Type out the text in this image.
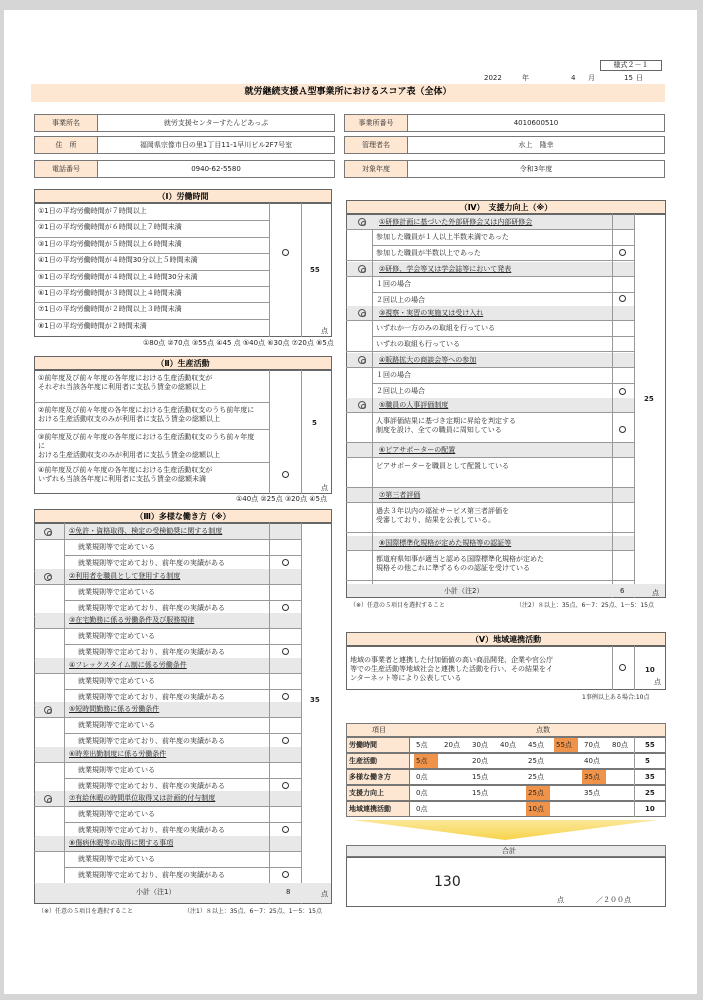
様式２－１
2022	年	4 月	15 日
就労継続支援Ａ型事業所におけるスコア表（全体）
事業所名	就労支援センターすたんどあっぷ
住　所	福岡県宗像市日の里1丁目11-1早川ビル2F7号室
電話番号	0940-62-5580
事業所番号	4010600510
管理者名	水上　隆幸
対象年度	令和3年度
（Ⅰ）労働時間
①1日の平均労働時間が７時間以上
②1日の平均労働時間が６時間以上７時間未満
③1日の平均労働時間が５時間以上６時間未満
④1日の平均労働時間が４時間30分以上５時間未満
⑤1日の平均労働時間が４時間以上４時間30分未満
⑥1日の平均労働時間が３時間以上４時間未満
⑦1日の平均労働時間が２時間以上３時間未満
⑧1日の平均労働時間が２時間未満
55
点
①80点 ②70点 ③55点 ④45 点 ⑤40点 ⑥30点 ⑦20点 ⑧5点
（Ⅱ）生産活動
①前年度及び前々年度の各年度における生産活動収支が
それぞれ当該各年度に利用者に支払う賃金の総額以上
②前年度及び前々年度の各年度における生産活動収支のうち前年度に
おける生産活動収支のみが利用者に支払う賃金の総額以上
③前年度及び前々年度の各年度における生産活動収支のうち前々年度
に
おける生産活動収支のみが利用者に支払う賃金の総額以上
④前年度及び前々年度の各年度における生産活動収支が
いずれも当該各年度に利用者に支払う賃金の総額未満
5
点
①40点 ②25点 ③20点 ④5点
（Ⅲ）多様な働き方（※）
①免許・資格取得、検定の受検勧奨に関する制度
就業規則等で定めている
就業規則等で定めており、前年度の実績がある
②利用者を職員として登用する制度
就業規則等で定めている
就業規則等で定めており、前年度の実績がある
③在宅勤務に係る労働条件及び服務規律
就業規則等で定めている
就業規則等で定めており、前年度の実績がある
④フレックスタイム制に係る労働条件
就業規則等で定めている
就業規則等で定めており、前年度の実績がある
⑤短時間勤務に係る労働条件
就業規則等で定めている
就業規則等で定めており、前年度の実績がある
⑥時差出勤制度に係る労働条件
就業規則等で定めている
就業規則等で定めており、前年度の実績がある
⑦有給休暇の時間単位取得又は計画的付与制度
就業規則等で定めている
就業規則等で定めており、前年度の実績がある
⑧傷病休暇等の取得に関する事項
就業規則等で定めている
就業規則等で定めており、前年度の実績がある
小計（注1）	8
35
点
（※）任意の５項目を選択すること	（注1）８以上：35点、6～7：25点、1～5：15点
（Ⅳ）　支援力向上（※）
①研修計画に基づいた外部研修会又は内部研修会
参加した職員が１人以上半数未満であった
参加した職員が半数以上であった
②研修、学会等又は学会誌等において発表
１回の場合
２回以上の場合
③視察・実習の実施又は受け入れ
いずれか一方のみの取組を行っている
いずれの取組も行っている
④販路拡大の商談会等への参加
１回の場合
２回以上の場合
⑤職員の人事評価制度
人事評価結果に基づき定期に昇給を判定する
制度を設け、全ての職員に周知している
⑥ピアサポーターの配置
ピアサポーターを職員として配置している
⑦第三者評価
過去３年以内の福祉サービス第三者評価を
受審しており、結果を公表している。
⑧国際標準化規格が定めた規格等の認証等
都道府県知事が適当と認める国際標準化規格が定めた
規格その他これに準ずるものの認証を受けている
小計（注2）	6
25
点
（※）任意の５項目を選択すること	（注2）８以上：35点、6～7：25点、1～5：15点
（Ⅴ）地域連携活動
地域の事業者と連携した付加価値の高い商品開発、企業や官公庁
等での生産活動等地域社会と連携した活動を行い、その結果をイ
ンターネット等により公表している
10
点
1事例以上ある場合:10点
項目	点数
労働時間	5点 20点 30点 40点 45点 55点 70点 80点 55
生産活動	5点	20点	25点	40点	5
多様な働き方	0点	15点	25点	35点	35
支援力向上	0点	15点	25点	35点	25
地域連携活動	0点	10点	10
合計
130
点	／２００点
